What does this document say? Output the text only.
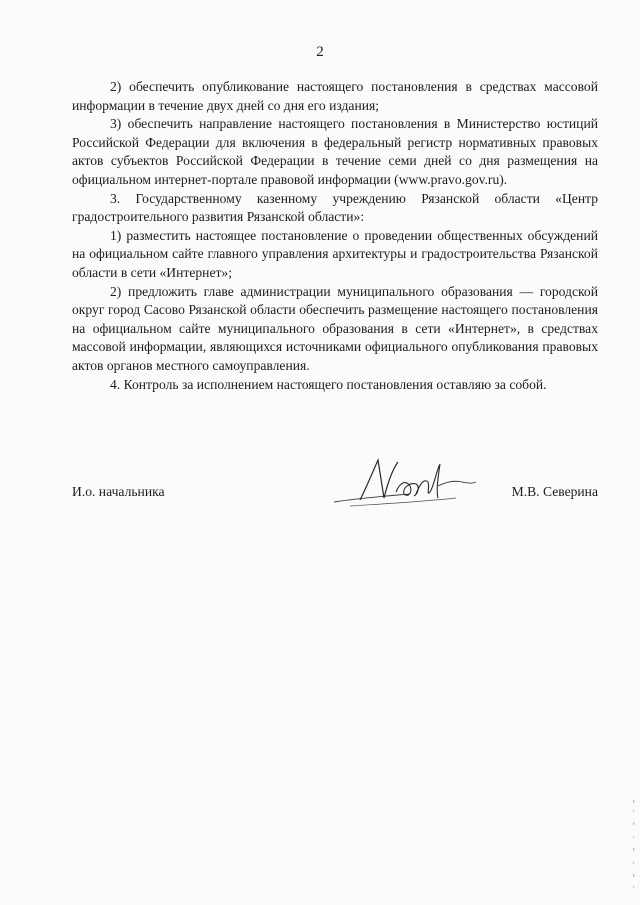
2

2) обеспечить опубликование настоящего постановления в средствах массовой информации в течение двух дней со дня его издания;

3) обеспечить направление настоящего постановления в Министерство юстиций Российской Федерации для включения в федеральный регистр нормативных правовых актов субъектов Российской Федерации в течение семи дней со дня размещения на официальном интернет-портале правовой информации (www.pravo.gov.ru).

3. Государственному казенному учреждению Рязанской области «Центр градостроительного развития Рязанской области»:

1) разместить настоящее постановление о проведении общественных обсуждений на официальном сайте главного управления архитектуры и градостроительства Рязанской области в сети «Интернет»;

2) предложить главе администрации муниципального образования — городской округ город Сасово Рязанской области обеспечить размещение настоящего постановления на официальном сайте муниципального образования в сети «Интернет», в средствах массовой информации, являющихся источниками официального опубликования правовых актов органов местного самоуправления.

4. Контроль за исполнением настоящего постановления оставляю за собой.

И.о. начальника	М.В. Северина
